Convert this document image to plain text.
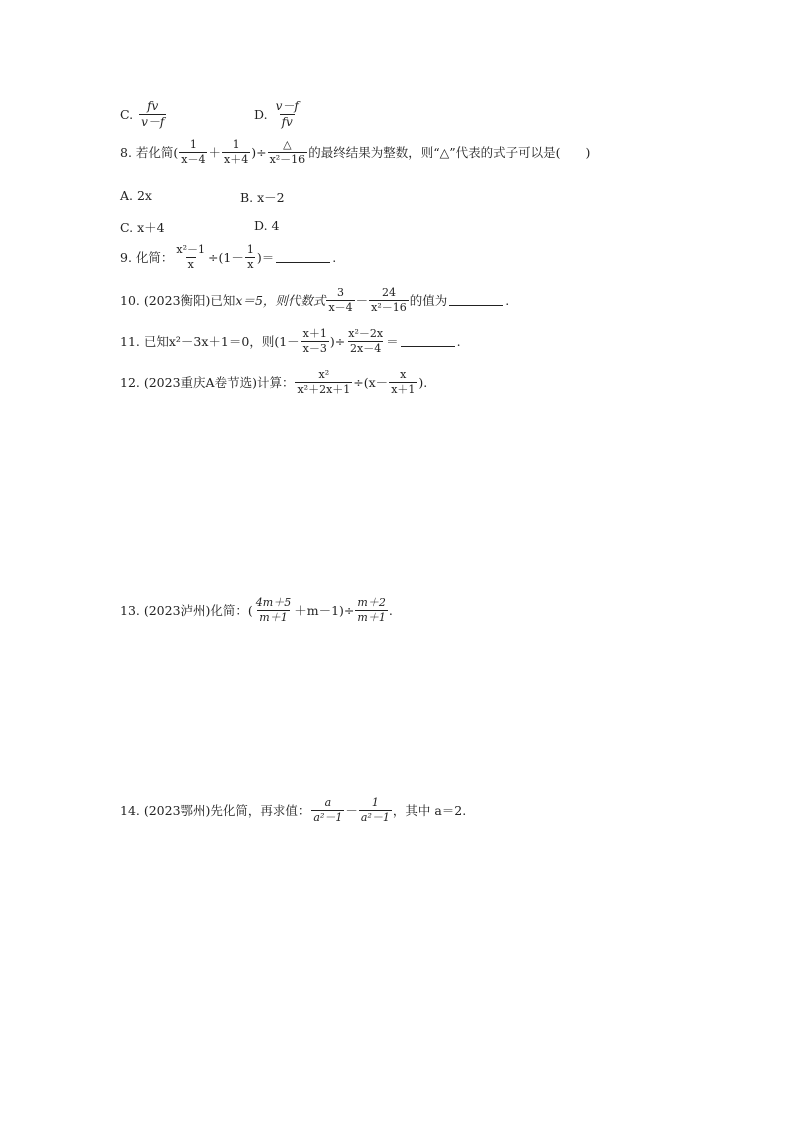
C. $\frac{fv}{v-f}$	D. $\frac{v-f}{fv}$
8. 若化简( $\frac{1}{x-4} + \frac{1}{x+4}$ )÷ $\frac{\triangle}{\text{x²－16}}$ 的最终结果为整数，则“△”代表的式子可以是(　　)
A. 2x	B. x－2
C. x＋4	D. 4
9. 化简： $\frac{\text{x²－1}}{x} \div(1- \frac{1}{x}$ )＝	.
10. (2023衡阳)已知 x＝5，则代数式 $\frac{3}{x-4} - \frac{24}{\text{x²－16}}$ 的值为	.
11. 已知 x²－3x＋1＝0，则($1- \frac{x+1}{x-3}$ )÷ $\frac{\text{x²－2x}}{2x-4}$ ＝	.
12. (2023重庆A卷节选)计算： $\frac{\text{x²}}{\text{x²＋2x＋1}} \div(x- \frac{x}{x+1}$ ).
13. (2023泸州)化简：( $\frac{4m+5}{m+1} +m-1)\div \frac{m+2}{m+1}$ .
14. (2023鄂州)先化简，再求值： $\frac{a}{\text{a²－1}} - \frac{1}{\text{a²－1}}$ ，其中 a＝2.
